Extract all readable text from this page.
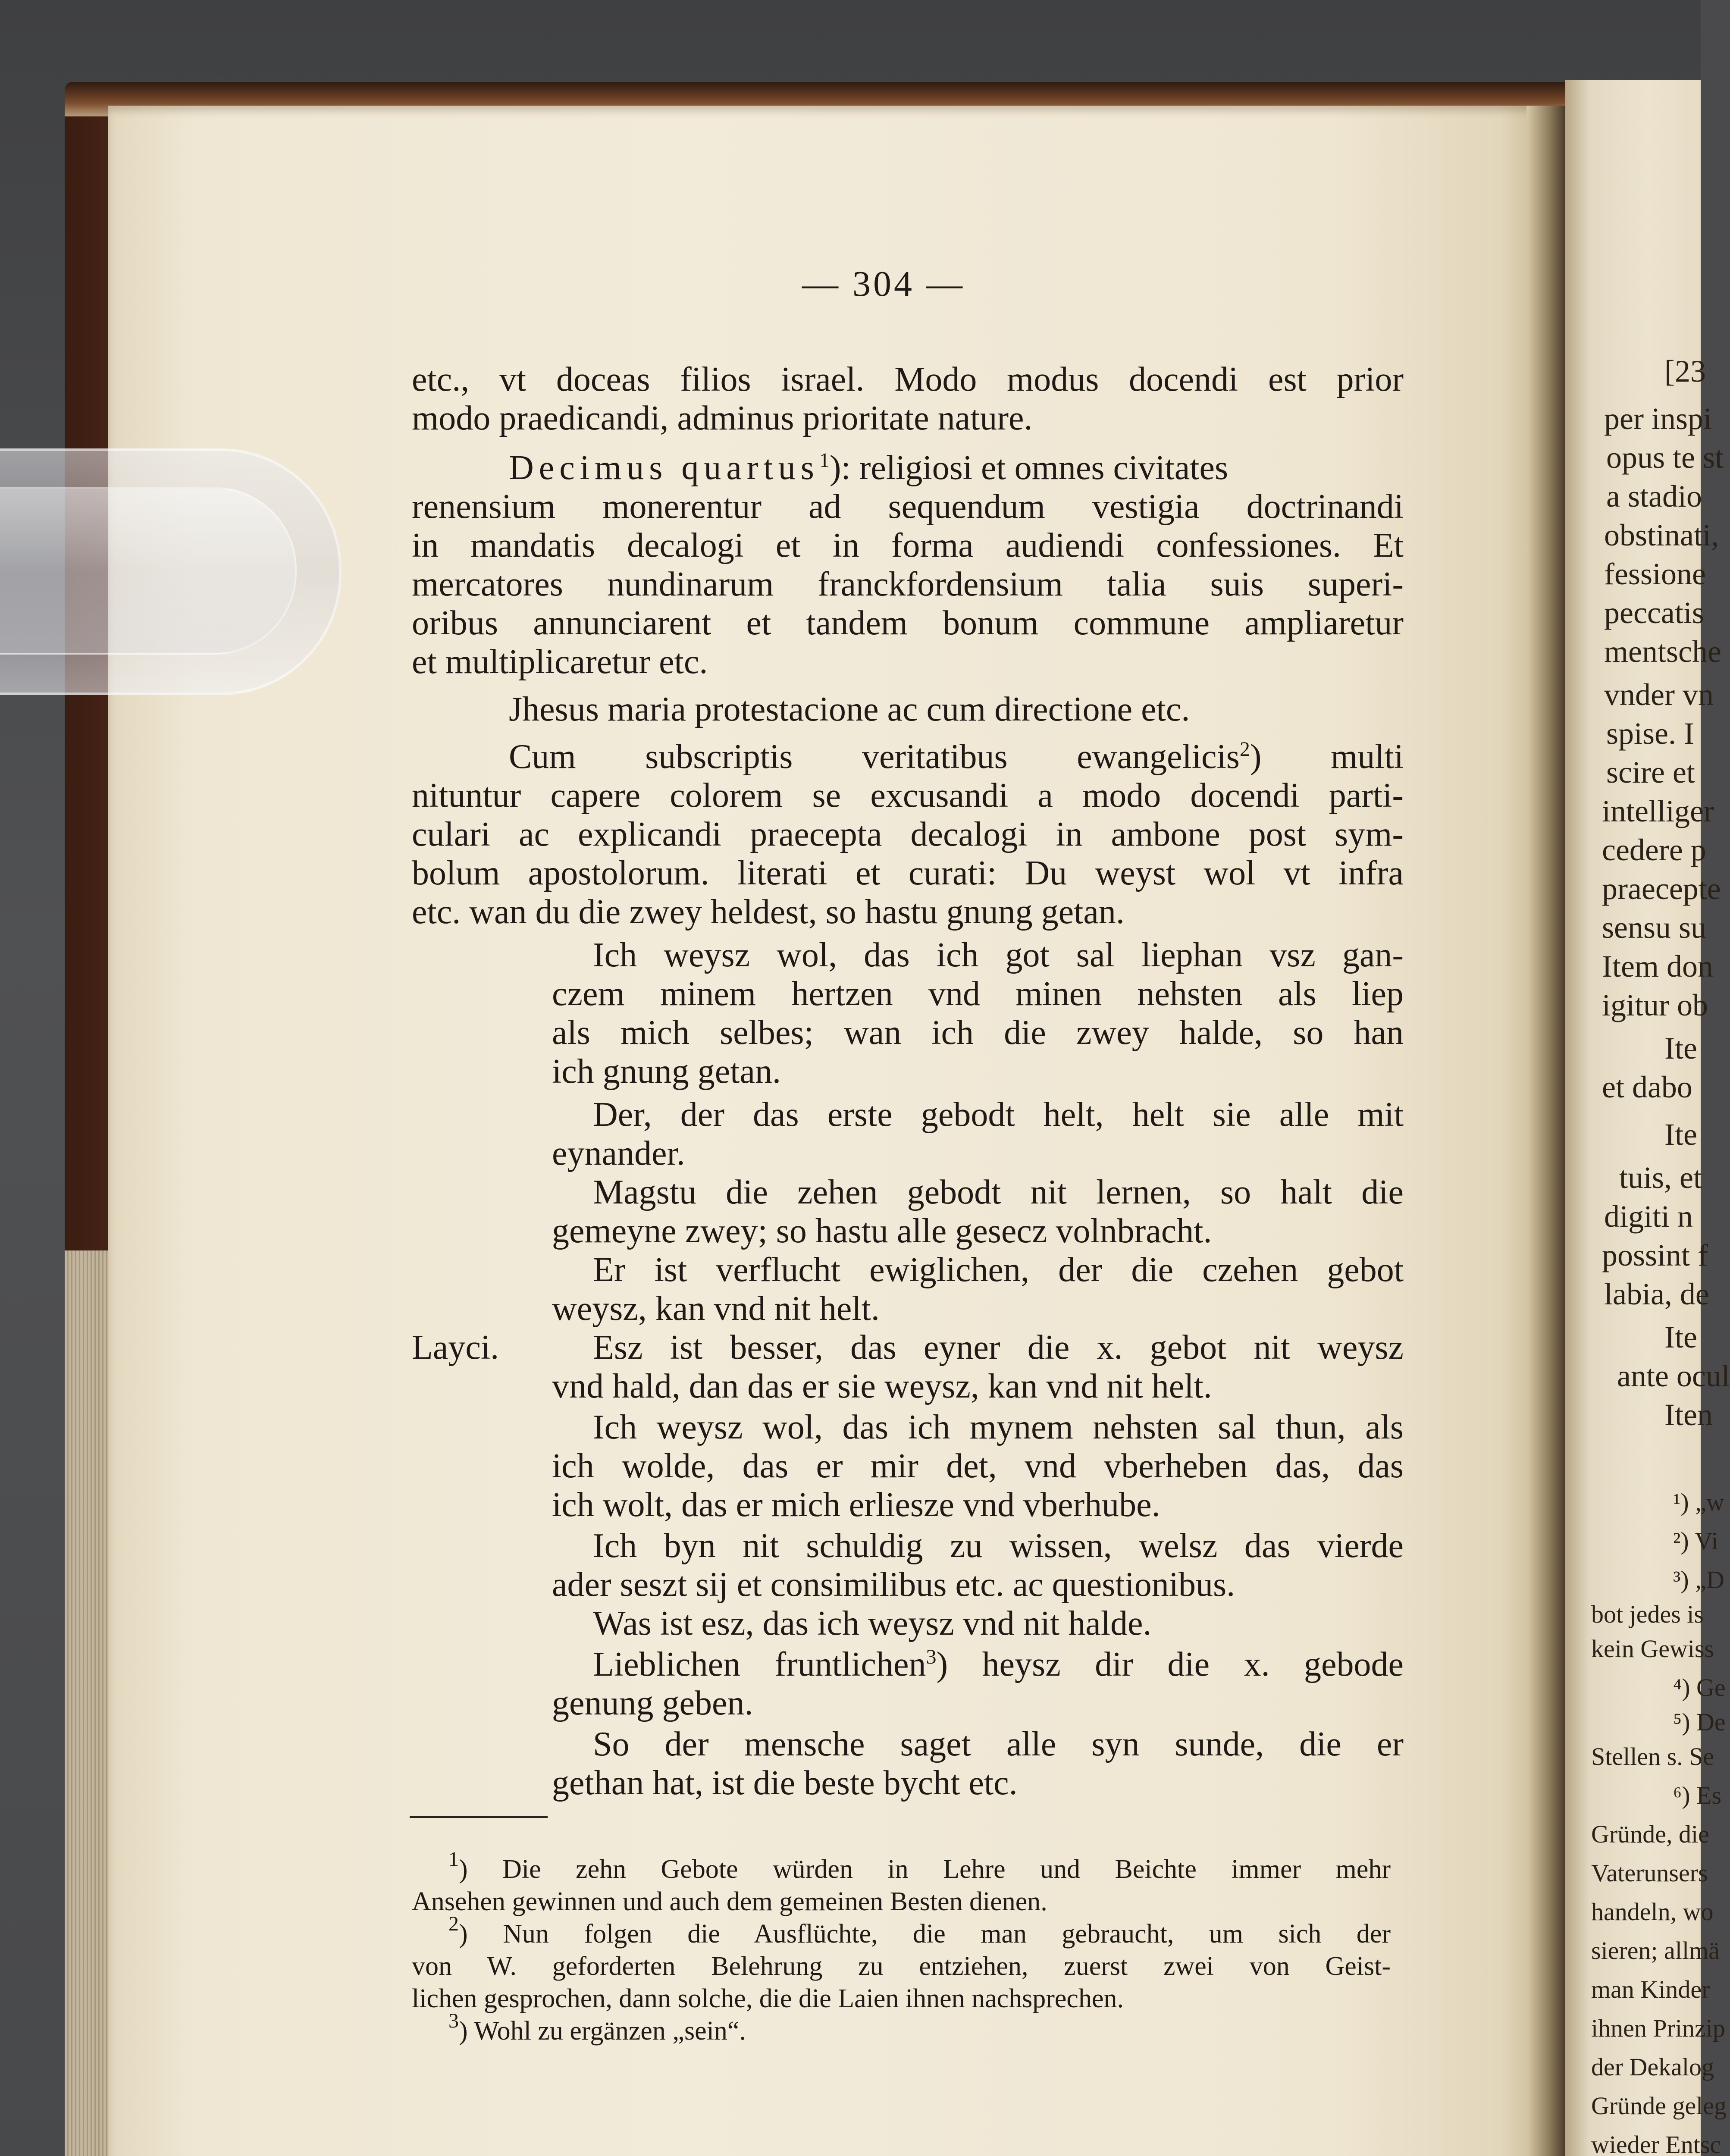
— 304 —
etc., vt doceas filios israel. Modo modus docendi est prior
modo praedicandi, adminus prioritate nature.
Decimus quartus$^1$): religiosi et omnes civitates
renensium monerentur ad sequendum vestigia doctrinandi
in mandatis decalogi et in forma audiendi confessiones. Et
mercatores nundinarum franckfordensium talia suis superi-
oribus annunciarent et tandem bonum commune ampliaretur
et multiplicaretur etc.
Jhesus maria protestacione ac cum directione etc.
Cum subscriptis veritatibus ewangelicis$^2$) multi
nituntur capere colorem se excusandi a modo docendi parti-
culari ac explicandi praecepta decalogi in ambone post sym-
bolum apostolorum. literati et curati: Du weyst wol vt infra
etc. wan du die zwey heldest, so hastu gnung getan.
Ich weysz wol, das ich got sal liephan vsz gan-
czem minem hertzen vnd minen nehsten als liep
als mich selbes; wan ich die zwey halde, so han
ich gnung getan.
Der, der das erste gebodt helt, helt sie alle mit
eynander.
Magstu die zehen gebodt nit lernen, so halt die
gemeyne zwey; so hastu alle gesecz volnbracht.
Er ist verflucht ewiglichen, der die czehen gebot
weysz, kan vnd nit helt.
Layci.	Esz ist besser, das eyner die x. gebot nit weysz
vnd hald, dan das er sie weysz, kan vnd nit helt.
Ich weysz wol, das ich mynem nehsten sal thun, als
ich wolde, das er mir det, vnd vberheben das, das
ich wolt, das er mich erliesze vnd vberhube.
Ich byn nit schuldig zu wissen, welsz das vierde
ader seszt sij et consimilibus etc. ac questionibus.
Was ist esz, das ich weysz vnd nit halde.
Lieblichen fruntlichen$^3$) heysz dir die x. gebode
genung geben.
So der mensche saget alle syn sunde, die er
gethan hat, ist die beste bycht etc.
$^1$) Die zehn Gebote würden in Lehre und Beichte immer mehr
Ansehen gewinnen und auch dem gemeinen Besten dienen.
$^2$) Nun folgen die Ausflüchte, die man gebraucht, um sich der
von W. geforderten Belehrung zu entziehen, zuerst zwei von Geist-
lichen gesprochen, dann solche, die die Laien ihnen nachsprechen.
$^3$) Wohl zu ergänzen „sein“.
[23
per inspi
opus te st
a stadio
obstinati,
fessione
peccatis
mentsche
vnder vn
spise. I
scire et
intelliger
cedere p
praecepte
sensu su
Item don
igitur ob
Ite
et dabo
Ite
tuis, et
digiti n
possint f
labia, de
Ite
ante ocul
Iten
¹) „w
²) Vi
³) „D
bot jedes is
kein Gewiss
⁴) Ge
⁵) De
Stellen s. Se
⁶) Es
Gründe, die
Vaterunsers
handeln, wo
sieren; allmä
man Kinder
ihnen Prinzip
der Dekalog
Gründe geleg
wieder Entsc
